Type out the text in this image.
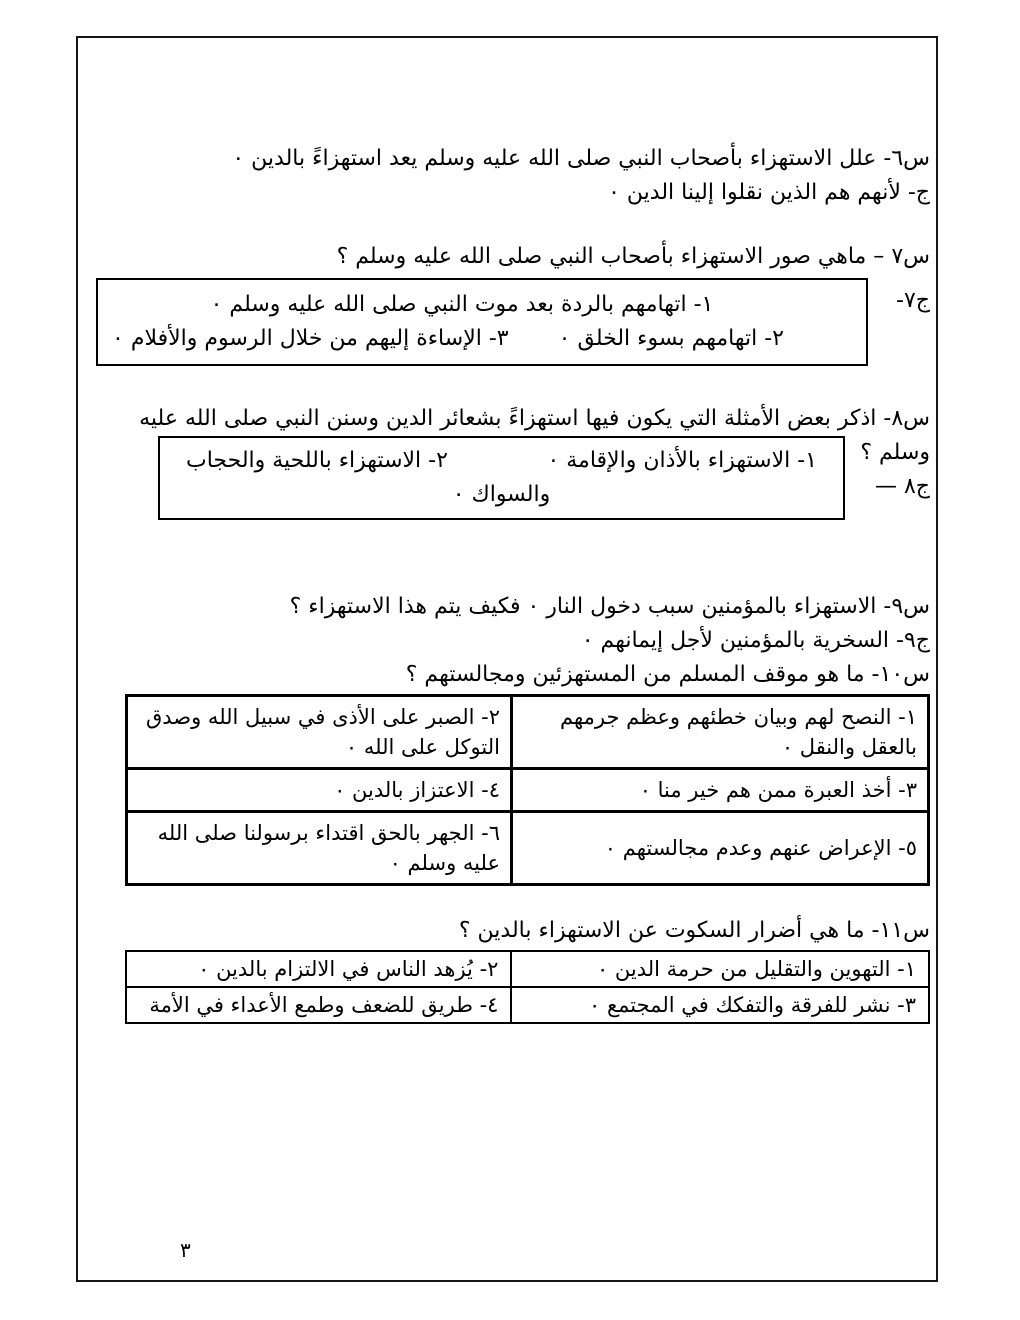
س٦- علل الاستهزاء بأصحاب النبي صلى الله عليه وسلم يعد استهزاءً بالدين ٠

ج- لأنهم هم الذين نقلوا إلينا الدين ٠

س٧ – ماهي صور الاستهزاء بأصحاب النبي صلى الله عليه وسلم ؟

ج٧-
١- اتهامهم بالردة بعد موت النبي صلى الله عليه وسلم ٠
٢- اتهامهم بسوء الخلق ٠
٣- الإساءة إليهم من خلال الرسوم والأفلام ٠

س٨- اذكر بعض الأمثلة التي يكون فيها استهزاءً بشعائر الدين وسنن النبي صلى الله عليه

وسلم ؟
ج٨ —
١- الاستهزاء بالأذان والإقامة ٠
٢- الاستهزاء باللحية والحجاب
والسواك ٠

س٩- الاستهزاء بالمؤمنين سبب دخول النار ٠ فكيف يتم هذا الاستهزاء ؟

ج٩- السخرية بالمؤمنين لأجل إيمانهم ٠

س١٠- ما هو موقف المسلم من المستهزئين ومجالستهم ؟

١- النصح لهم وبيان خطئهم وعظم جرمهم بالعقل والنقل ٠	٢- الصبر على الأذى في سبيل الله وصدق التوكل على الله ٠
٣- أخذ العبرة ممن هم خير منا ٠	٤- الاعتزاز بالدين ٠
٥- الإعراض عنهم وعدم مجالستهم ٠	٦- الجهر بالحق اقتداء برسولنا صلى الله عليه وسلم ٠

س١١- ما هي أضرار السكوت عن الاستهزاء بالدين ؟

١- التهوين والتقليل من حرمة الدين ٠	٢- يُزهد الناس في الالتزام بالدين ٠
٣- نشر للفرقة والتفكك في المجتمع ٠	٤- طريق للضعف وطمع الأعداء في الأمة
٣
